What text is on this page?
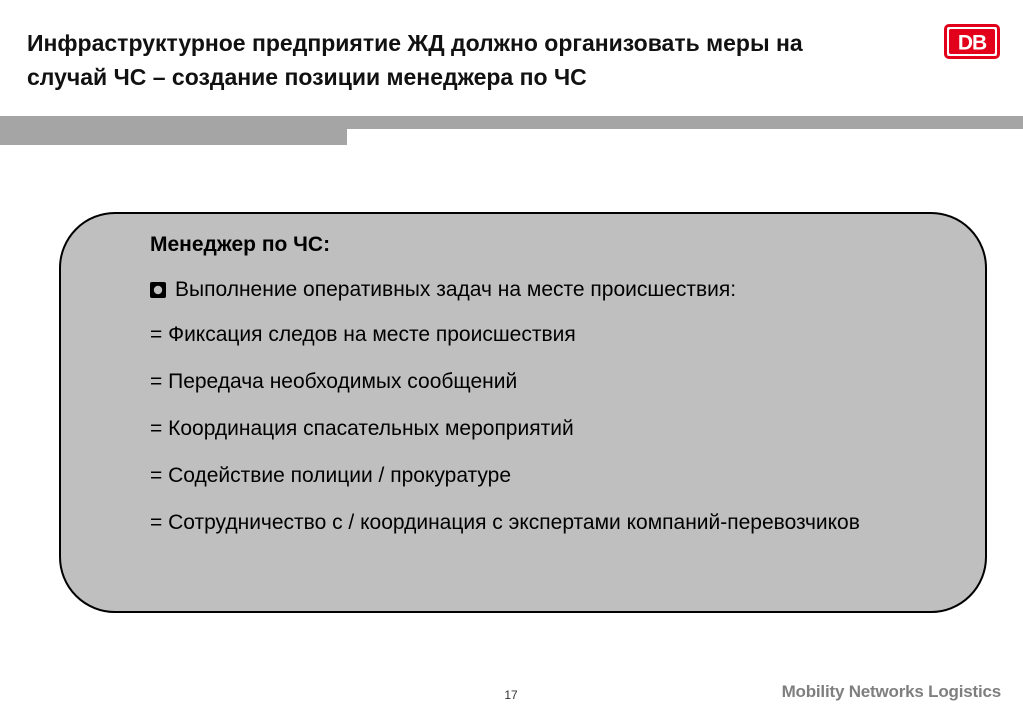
Инфраструктурное предприятие ЖД должно организовать меры на
случай ЧС – создание позиции менеджера по ЧС
DB

Менеджер по ЧС:

Выполнение оперативных задач на месте происшествия:
= Фиксация следов на месте происшествия
= Передача необходимых сообщений
= Координация спасательных мероприятий
= Содействие полиции / прокуратуре
= Сотрудничество с / координация с экспертами компаний-перевозчиков
17	Mobility Networks Logistics
